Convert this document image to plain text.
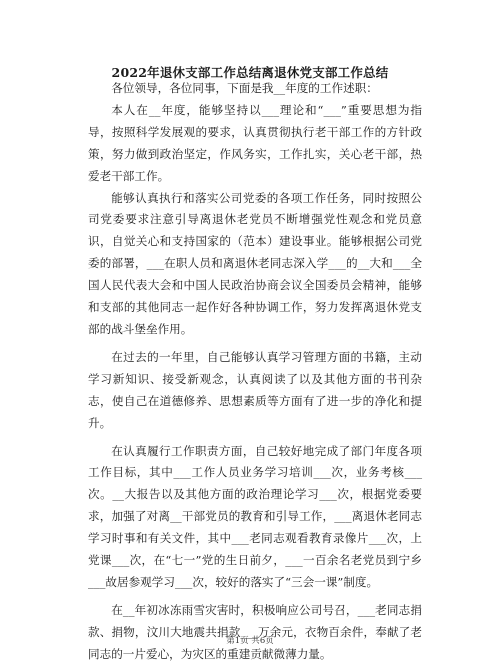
2022年退休支部工作总结离退休党支部工作总结

各位领导，各位同事，下面是我__年度的工作述职：

本人在__年度，能够坚持以___理论和“___”重要思想为指导，按照科学发展观的要求，认真贯彻执行老干部工作的方针政策，努力做到政治坚定，作风务实，工作扎实，关心老干部，热爱老干部工作。

能够认真执行和落实公司党委的各项工作任务，同时按照公司党委要求注意引导离退休老党员不断增强党性观念和党员意识，自觉关心和支持国家的（范本）建设事业。能够根据公司党委的部署，___在职人员和离退休老同志深入学___的__大和___全国人民代表大会和中国人民政治协商会议全国委员会精神，能够和支部的其他同志一起作好各种协调工作，努力发挥离退休党支部的战斗堡垒作用。

在过去的一年里，自己能够认真学习管理方面的书籍，主动学习新知识、接受新观念，认真阅读了以及其他方面的书刊杂志，使自己在道德修养、思想素质等方面有了进一步的净化和提升。

在认真履行工作职责方面，自己较好地完成了部门年度各项工作目标，其中___工作人员业务学习培训___次，业务考核___次。__大报告以及其他方面的政治理论学习___次，根据党委要求，加强了对离__干部党员的教育和引导工作，___离退休老同志学习时事和有关文件，其中___老同志观看教育录像片___次，上党课___次，在“七一”党的生日前夕，___一百余名老党员到宁乡___故居参观学习___次，较好的落实了“三会一课”制度。

在__年初冰冻雨雪灾害时，积极响应公司号召，___老同志捐款、捐物，汶川大地震共捐款___万余元，衣物百余件，奉献了老同志的一片爱心，为灾区的重建贡献微薄力量。

第1页 共6页
